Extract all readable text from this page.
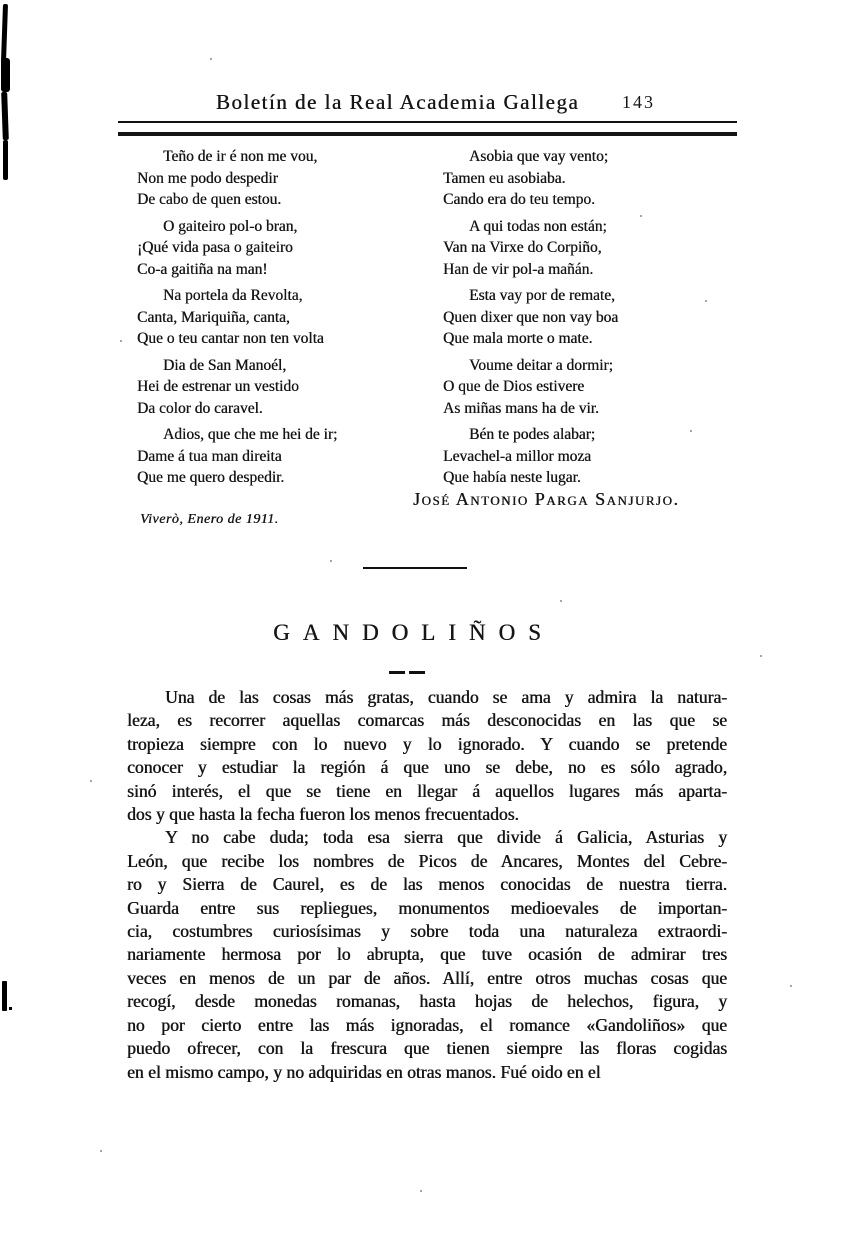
Boletín de la Real Academia Gallega	143
Teño de ir é non me vou,
Non me podo despedir
De cabo de quen estou.
O gaiteiro pol-o bran,
¡Qué vida pasa o gaiteiro
Co-a gaitiña na man!
Na portela da Revolta,
Canta, Mariquiña, canta,
Que o teu cantar non ten volta
Dia de San Manoél,
Hei de estrenar un vestido
Da color do caravel.
Adios, que che me hei de ir;
Dame á tua man direita
Que me quero despedir.
Asobia que vay vento;
Tamen eu asobiaba.
Cando era do teu tempo.
A qui todas non están;
Van na Virxe do Corpiño,
Han de vir pol-a mañán.
Esta vay por de remate,
Quen dixer que non vay boa
Que mala morte o mate.
Voume deitar a dormir;
O que de Dios estivere
As miñas mans ha de vir.
Bén te podes alabar;
Levachel-a millor moza
Que había neste lugar.
José Antonio Parga Sanjurjo.
Viverò, Enero de 1911.
GANDOLIÑOS
Una de las cosas más gratas, cuando se ama y admira la natura-
leza, es recorrer aquellas comarcas más desconocidas en las que se
tropieza siempre con lo nuevo y lo ignorado. Y cuando se pretende
conocer y estudiar la región á que uno se debe, no es sólo agrado,
sinó interés, el que se tiene en llegar á aquellos lugares más aparta-
dos y que hasta la fecha fueron los menos frecuentados.
Y no cabe duda; toda esa sierra que divide á Galicia, Asturias y
León, que recibe los nombres de Picos de Ancares, Montes del Cebre-
ro y Sierra de Caurel, es de las menos conocidas de nuestra tierra.
Guarda entre sus repliegues, monumentos medioevales de importan-
cia, costumbres curiosísimas y sobre toda una naturaleza extraordi-
nariamente hermosa por lo abrupta, que tuve ocasión de admirar tres
veces en menos de un par de años. Allí, entre otros muchas cosas que
recogí, desde monedas romanas, hasta hojas de helechos, figura, y
no por cierto entre las más ignoradas, el romance «Gandoliños» que
puedo ofrecer, con la frescura que tienen siempre las floras cogidas
en el mismo campo, y no adquiridas en otras manos. Fué oido en el
